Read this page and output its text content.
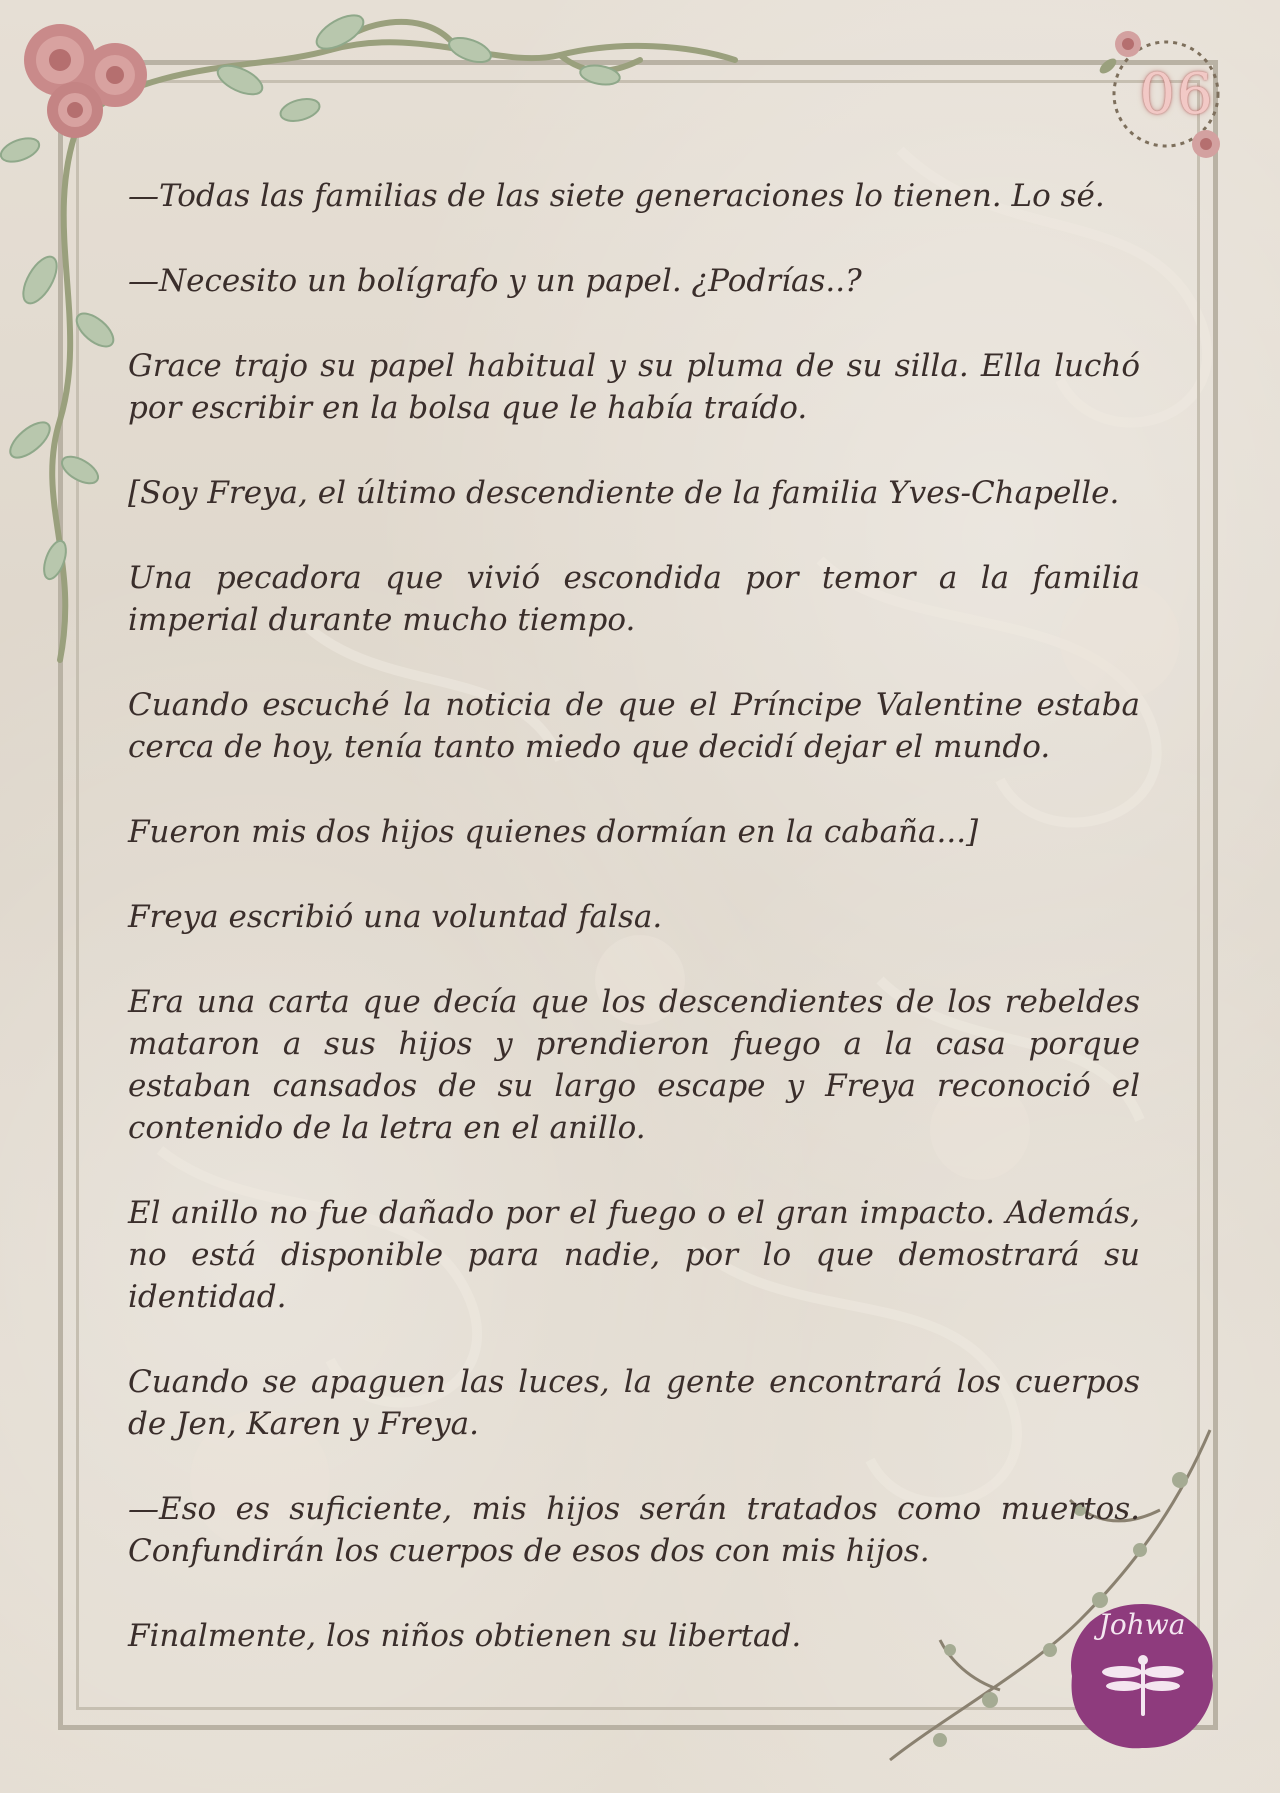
06
Johwa

—Todas las familias de las siete generaciones lo tienen. Lo sé.

—Necesito un bolígrafo y un papel. ¿Podrías..?

Grace trajo su papel habitual y su pluma de su silla. Ella luchó por escribir en la bolsa que le había traído.

[Soy Freya, el último descendiente de la familia Yves-Chapelle.

Una pecadora que vivió escondida por temor a la familia imperial durante mucho tiempo.

Cuando escuché la noticia de que el Príncipe Valentine estaba cerca de hoy, tenía tanto miedo que decidí dejar el mundo.

Fueron mis dos hijos quienes dormían en la cabaña...]

Freya escribió una voluntad falsa.

Era una carta que decía que los descendientes de los rebeldes mataron a sus hijos y prendieron fuego a la casa porque estaban cansados de su largo escape y Freya reconoció el contenido de la letra en el anillo.

El anillo no fue dañado por el fuego o el gran impacto. Además, no está disponible para nadie, por lo que demostrará su identidad.

Cuando se apaguen las luces, la gente encontrará los cuerpos de Jen, Karen y Freya.

—Eso es suficiente, mis hijos serán tratados como muertos. Confundirán los cuerpos de esos dos con mis hijos.

Finalmente, los niños obtienen su libertad.
